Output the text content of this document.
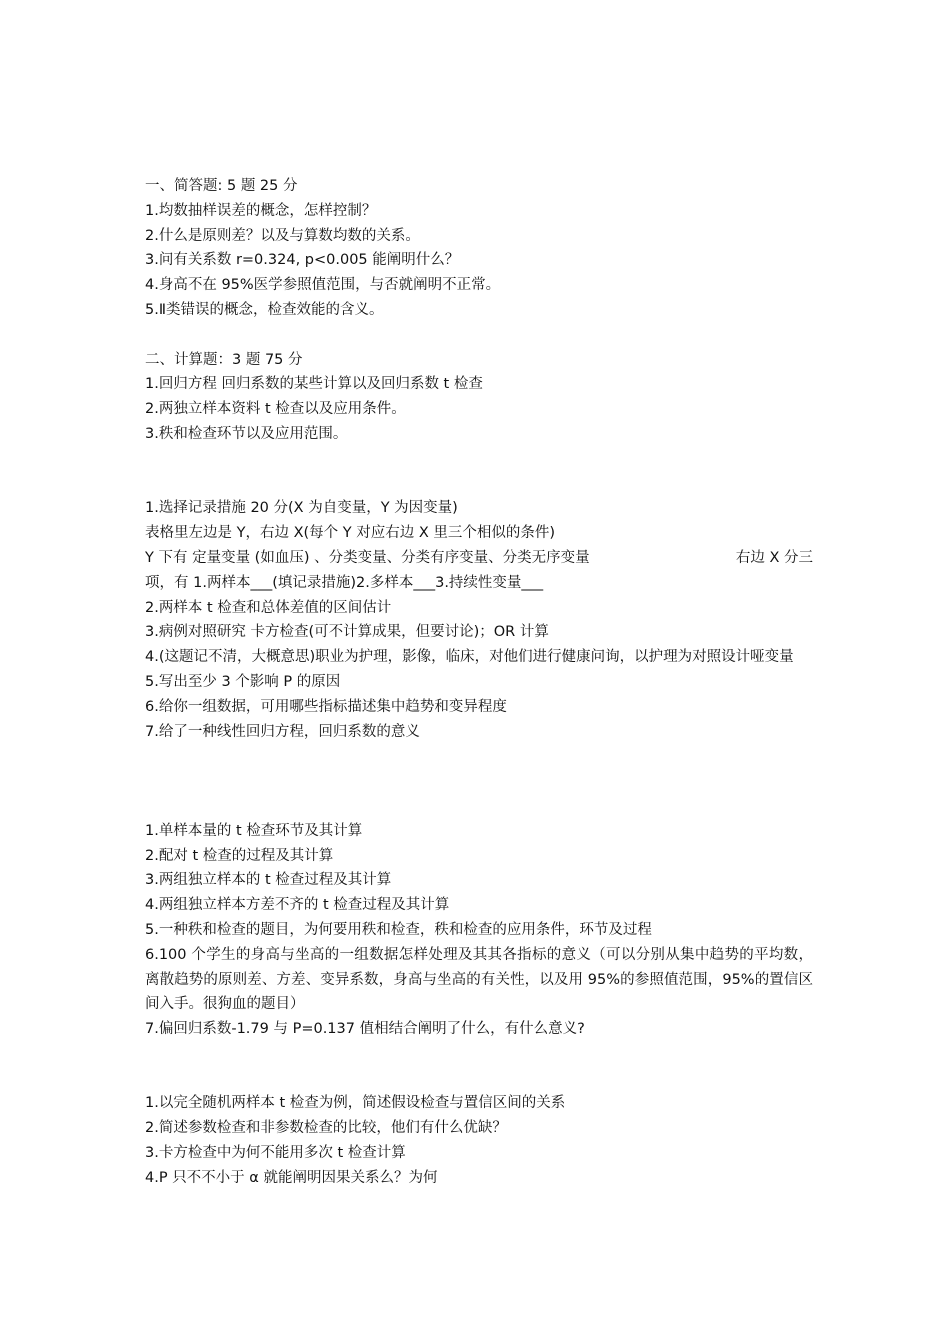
一、简答题: 5 题 25 分
1.均数抽样误差的概念，怎样控制？
2.什么是原则差？以及与算数均数的关系。
3.问有关系数 r=0.324, p<0.005 能阐明什么？
4.身高不在 95%医学参照值范围，与否就阐明不正常。
5.Ⅱ类错误的概念，检查效能的含义。
二、计算题：3 题 75 分
1.回归方程 回归系数的某些计算以及回归系数 t 检查
2.两独立样本资料 t 检查以及应用条件。
3.秩和检查环节以及应用范围。
1.选择记录措施 20 分(X 为自变量，Y 为因变量)
表格里左边是 Y，右边 X(每个 Y 对应右边 X 里三个相似的条件)
Y 下有 定量变量 (如血压) 、分类变量、分类有序变量、分类无序变量	右边 X 分三
项，有 1.两样本___(填记录措施)2.多样本___3.持续性变量___
2.两样本 t 检查和总体差值的区间估计
3.病例对照研究 卡方检查(可不计算成果，但要讨论)；OR 计算
4.(这题记不清，大概意思)职业为护理，影像，临床，对他们进行健康问询，以护理为对照设计哑变量
5.写出至少 3 个影响 P 的原因
6.给你一组数据，可用哪些指标描述集中趋势和变异程度
7.给了一种线性回归方程，回归系数的意义
1.单样本量的 t 检查环节及其计算
2.配对 t 检查的过程及其计算
3.两组独立样本的 t 检查过程及其计算
4.两组独立样本方差不齐的 t 检查过程及其计算
5.一种秩和检查的题目，为何要用秩和检查，秩和检查的应用条件，环节及过程
6.100 个学生的身高与坐高的一组数据怎样处理及其其各指标的意义（可以分别从集中趋势的平均数，离散趋势的原则差、方差、变异系数，身高与坐高的有关性，以及用 95%的参照值范围，95%的置信区间入手。很狗血的题目）
7.偏回归系数-1.79 与 P=0.137 值相结合阐明了什么，有什么意义?
1.以完全随机两样本 t 检查为例，简述假设检查与置信区间的关系
2.简述参数检查和非参数检查的比较，他们有什么优缺？
3.卡方检查中为何不能用多次 t 检查计算
4.P 只不不小于 α 就能阐明因果关系么？为何
